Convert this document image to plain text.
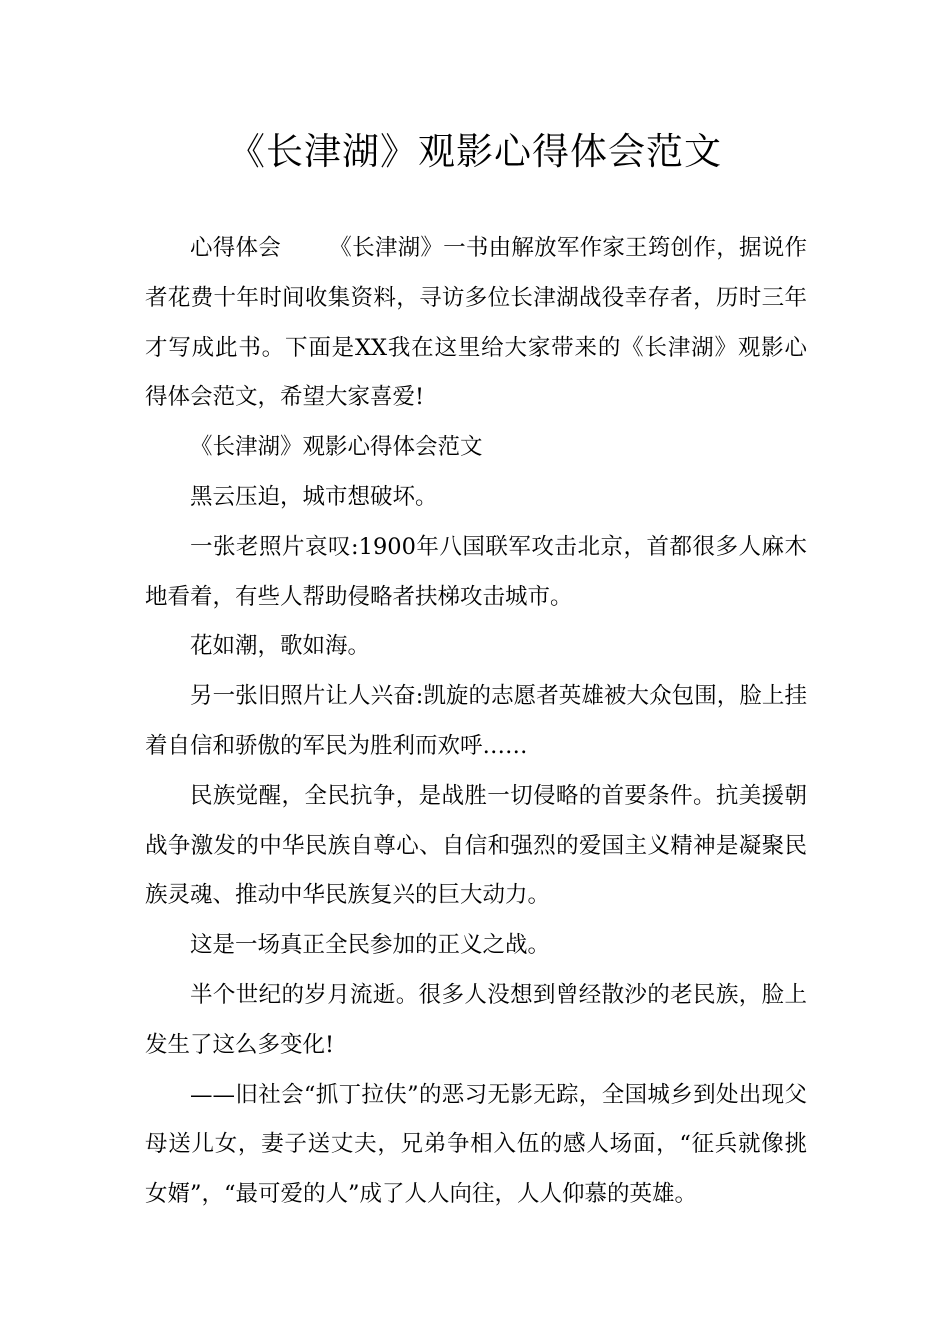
《长津湖》观影心得体会范文

心得体会 《长津湖》一书由解放军作家王筠创作，据说作者花费十年时间收集资料，寻访多位长津湖战役幸存者，历时三年才写成此书。下面是XX我在这里给大家带来的《长津湖》观影心得体会范文，希望大家喜爱!

《长津湖》观影心得体会范文

黑云压迫，城市想破坏。

一张老照片哀叹:1900年八国联军攻击北京，首都很多人麻木地看着，有些人帮助侵略者扶梯攻击城市。

花如潮，歌如海。

另一张旧照片让人兴奋:凯旋的志愿者英雄被大众包围，脸上挂着自信和骄傲的军民为胜利而欢呼……

民族觉醒，全民抗争，是战胜一切侵略的首要条件。抗美援朝战争激发的中华民族自尊心、自信和强烈的爱国主义精神是凝聚民族灵魂、推动中华民族复兴的巨大动力。

这是一场真正全民参加的正义之战。

半个世纪的岁月流逝。很多人没想到曾经散沙的老民族，脸上发生了这么多变化!

——旧社会“抓丁拉伕”的恶习无影无踪，全国城乡到处出现父母送儿女，妻子送丈夫，兄弟争相入伍的感人场面，“征兵就像挑女婿”，“最可爱的人”成了人人向往，人人仰慕的英雄。
